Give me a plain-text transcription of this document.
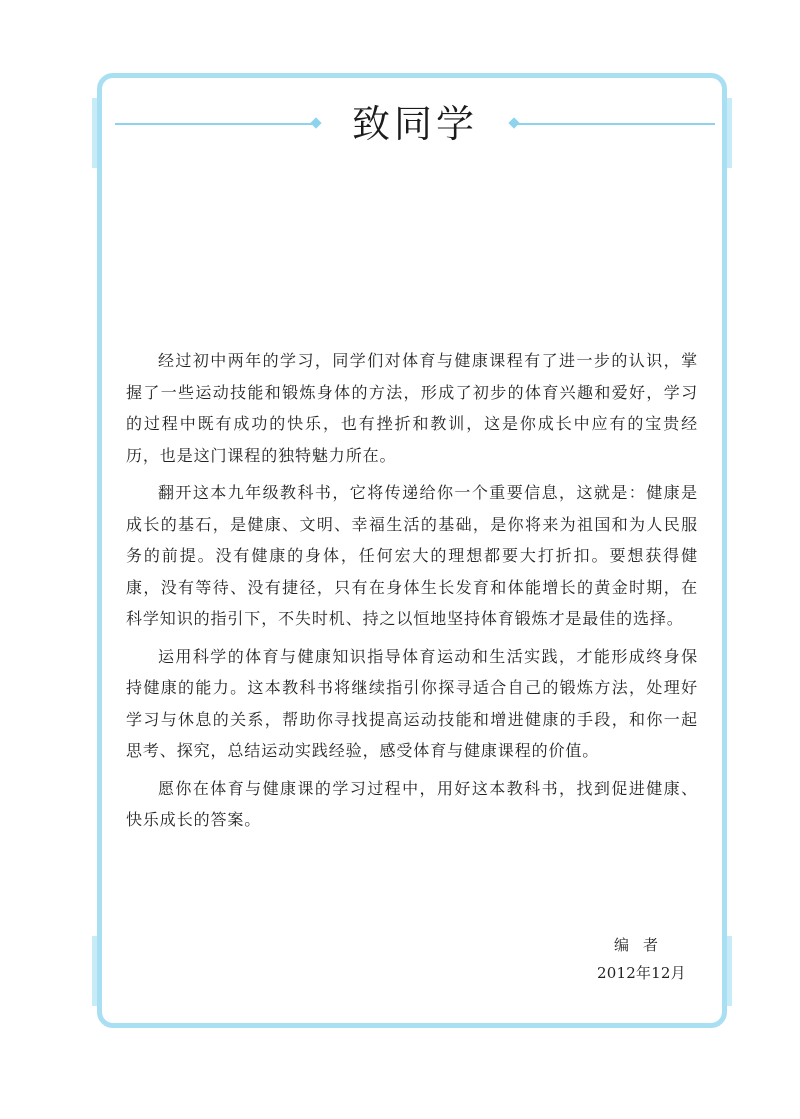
致同学

经过初中两年的学习，同学们对体育与健康课程有了进一步的认识，掌握了一些运动技能和锻炼身体的方法，形成了初步的体育兴趣和爱好，学习的过程中既有成功的快乐，也有挫折和教训，这是你成长中应有的宝贵经历，也是这门课程的独特魅力所在。

翻开这本九年级教科书，它将传递给你一个重要信息，这就是：健康是成长的基石，是健康、文明、幸福生活的基础，是你将来为祖国和为人民服务的前提。没有健康的身体，任何宏大的理想都要大打折扣。要想获得健康，没有等待、没有捷径，只有在身体生长发育和体能增长的黄金时期，在科学知识的指引下，不失时机、持之以恒地坚持体育锻炼才是最佳的选择。

运用科学的体育与健康知识指导体育运动和生活实践，才能形成终身保持健康的能力。这本教科书将继续指引你探寻适合自己的锻炼方法，处理好学习与休息的关系，帮助你寻找提高运动技能和增进健康的手段，和你一起思考、探究，总结运动实践经验，感受体育与健康课程的价值。

愿你在体育与健康课的学习过程中，用好这本教科书，找到促进健康、快乐成长的答案。

编者
2012年12月
